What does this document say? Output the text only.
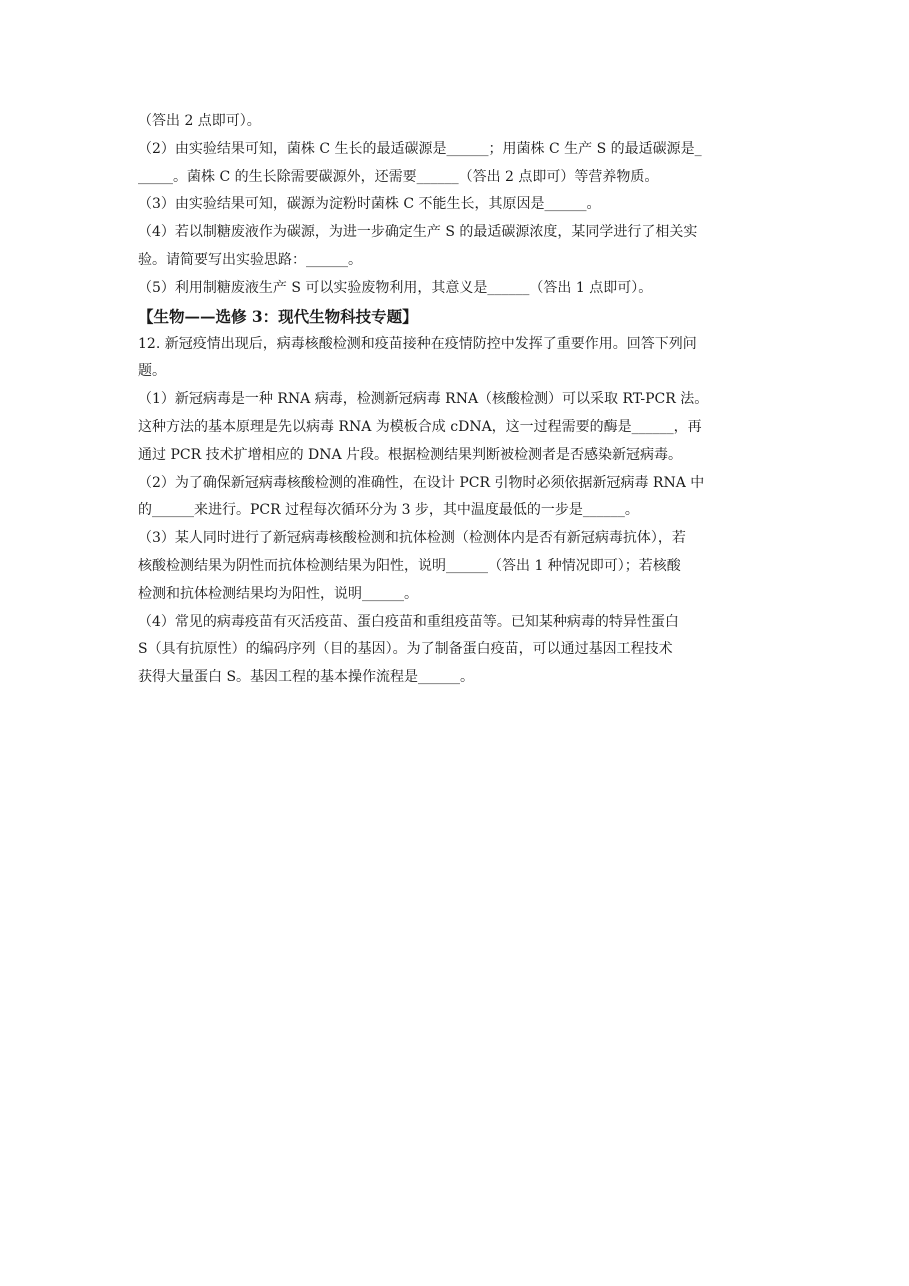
（答出 2 点即可）。

（2）由实验结果可知，菌株 C 生长的最适碳源是______；用菌株 C 生产 S 的最适碳源是_

_____。菌株 C 的生长除需要碳源外，还需要______（答出 2 点即可）等营养物质。

（3）由实验结果可知，碳源为淀粉时菌株 C 不能生长，其原因是______。

（4）若以制糖废液作为碳源，为进一步确定生产 S 的最适碳源浓度，某同学进行了相关实

验。请简要写出实验思路：______。

（5）利用制糖废液生产 S 可以实验废物利用，其意义是______（答出 1 点即可）。

【生物——选修 3：现代生物科技专题】

12. 新冠疫情出现后，病毒核酸检测和疫苗接种在疫情防控中发挥了重要作用。回答下列问

题。

（1）新冠病毒是一种 RNA 病毒，检测新冠病毒 RNA（核酸检测）可以采取 RT-PCR 法。

这种方法的基本原理是先以病毒 RNA 为模板合成 cDNA，这一过程需要的酶是______，再

通过 PCR 技术扩增相应的 DNA 片段。根据检测结果判断被检测者是否感染新冠病毒。

（2）为了确保新冠病毒核酸检测的准确性，在设计 PCR 引物时必须依据新冠病毒 RNA 中

的______来进行。PCR 过程每次循环分为 3 步，其中温度最低的一步是______。

（3）某人同时进行了新冠病毒核酸检测和抗体检测（检测体内是否有新冠病毒抗体），若

核酸检测结果为阴性而抗体检测结果为阳性，说明______（答出 1 种情况即可）；若核酸

检测和抗体检测结果均为阳性，说明______。

（4）常见的病毒疫苗有灭活疫苗、蛋白疫苗和重组疫苗等。已知某种病毒的特异性蛋白

S（具有抗原性）的编码序列（目的基因）。为了制备蛋白疫苗，可以通过基因工程技术

获得大量蛋白 S。基因工程的基本操作流程是______。
